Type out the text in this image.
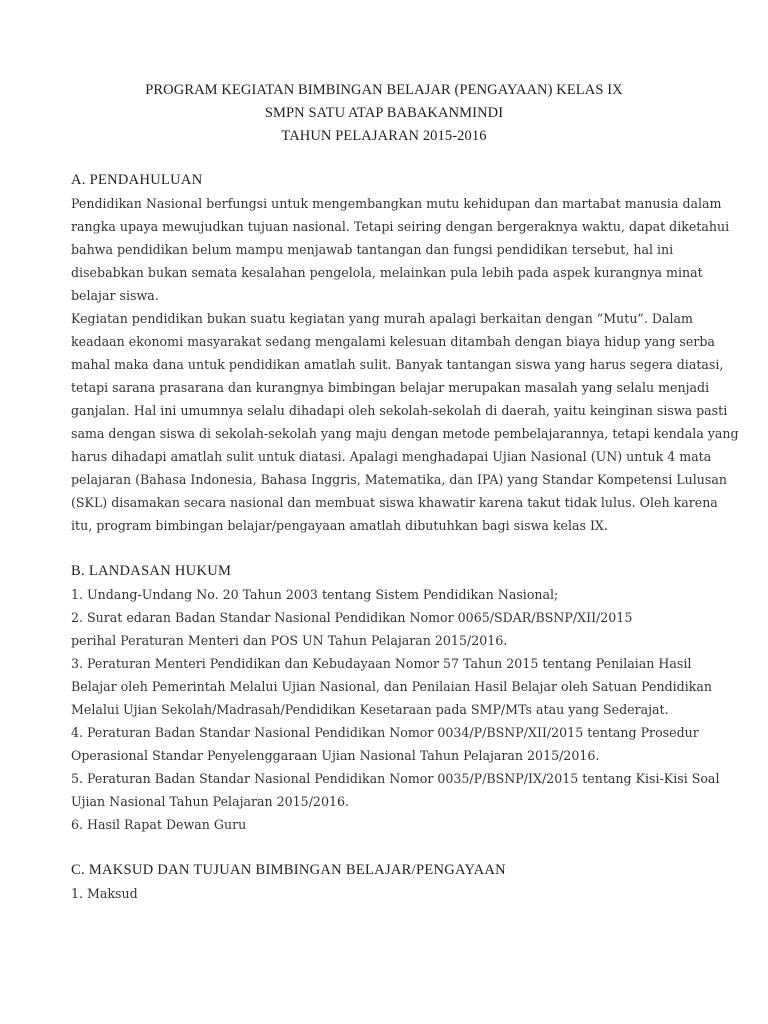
PROGRAM KEGIATAN BIMBINGAN BELAJAR (PENGAYAAN) KELAS IX
SMPN SATU ATAP BABAKANMINDI
TAHUN PELAJARAN 2015-2016
A. PENDAHULUAN
Pendidikan Nasional berfungsi untuk mengembangkan mutu kehidupan dan martabat manusia dalam
rangka upaya mewujudkan tujuan nasional. Tetapi seiring dengan bergeraknya waktu, dapat diketahui
bahwa pendidikan belum mampu menjawab tantangan dan fungsi pendidikan tersebut, hal ini
disebabkan bukan semata kesalahan pengelola, melainkan pula lebih pada aspek kurangnya minat
belajar siswa.
Kegiatan pendidikan bukan suatu kegiatan yang murah apalagi berkaitan dengan “Mutu”. Dalam
keadaan ekonomi masyarakat sedang mengalami kelesuan ditambah dengan biaya hidup yang serba
mahal maka dana untuk pendidikan amatlah sulit. Banyak tantangan siswa yang harus segera diatasi,
tetapi sarana prasarana dan kurangnya bimbingan belajar merupakan masalah yang selalu menjadi
ganjalan. Hal ini umumnya selalu dihadapi oleh sekolah-sekolah di daerah, yaitu keinginan siswa pasti
sama dengan siswa di sekolah-sekolah yang maju dengan metode pembelajarannya, tetapi kendala yang
harus dihadapi amatlah sulit untuk diatasi. Apalagi menghadapai Ujian Nasional (UN) untuk 4 mata
pelajaran (Bahasa Indonesia, Bahasa Inggris, Matematika, dan IPA) yang Standar Kompetensi Lulusan
(SKL) disamakan secara nasional dan membuat siswa khawatir karena takut tidak lulus. Oleh karena
itu, program bimbingan belajar/pengayaan amatlah dibutuhkan bagi siswa kelas IX.
B. LANDASAN HUKUM
1. Undang-Undang No. 20 Tahun 2003 tentang Sistem Pendidikan Nasional;
2. Surat edaran Badan Standar Nasional Pendidikan Nomor 0065/SDAR/BSNP/XII/2015
perihal Peraturan Menteri dan POS UN Tahun Pelajaran 2015/2016.
3. Peraturan Menteri Pendidikan dan Kebudayaan Nomor 57 Tahun 2015 tentang Penilaian Hasil
Belajar oleh Pemerintah Melalui Ujian Nasional, dan Penilaian Hasil Belajar oleh Satuan Pendidikan
Melalui Ujian Sekolah/Madrasah/Pendidikan Kesetaraan pada SMP/MTs atau yang Sederajat.
4. Peraturan Badan Standar Nasional Pendidikan Nomor 0034/P/BSNP/XII/2015 tentang Prosedur
Operasional Standar Penyelenggaraan Ujian Nasional Tahun Pelajaran 2015/2016.
5. Peraturan Badan Standar Nasional Pendidikan Nomor 0035/P/BSNP/IX/2015 tentang Kisi-Kisi Soal
Ujian Nasional Tahun Pelajaran 2015/2016.
6. Hasil Rapat Dewan Guru
C. MAKSUD DAN TUJUAN BIMBINGAN BELAJAR/PENGAYAAN
1. Maksud
